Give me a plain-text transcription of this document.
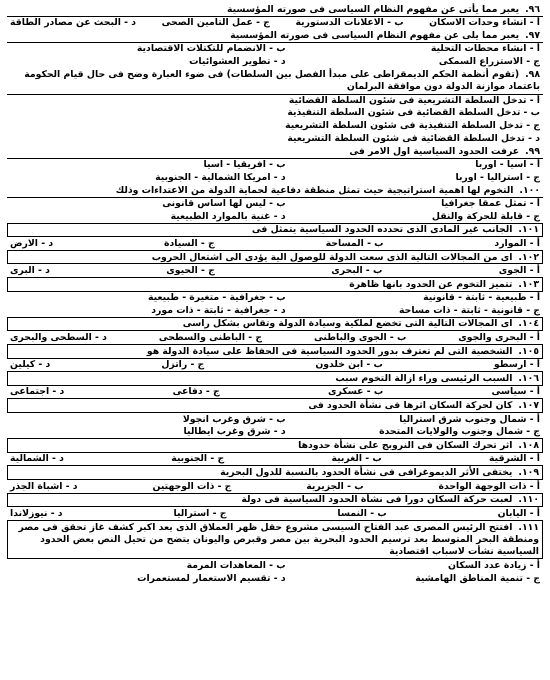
٩٦.يعبر مما يأتى عن مفهوم النظام السياسى فى صورته المؤسسية
أ - انشاء وحدات الاسكان
ب - الاعلانات الدستورية
ج - عمل التامين الصحى
د - البحث عن مصادر الطاقة
٩٧.يعبر مما يلى عن مفهوم النظام السياسى فى صورته المؤسسية
أ - انشاء محطات التحلية
ب - الانضمام للتكتلات الاقتصادية
ج - الاستزراع السمكى
د - تطوير العشوائيات
٩٨.(تقوم أنظمة الحكم الديمقراطى على مبدأ الفصل بين السلطات) فى ضوء العبارة وضح فى حال قيام الحكومة باعتماد موازنة الدولة دون موافقة البرلمان
أ - تدخل السلطة التشريعية فى شئون السلطة القضائية
ب - تدخل السلطة القضائية فى شئون السلطة التنفيذية
ج - تدخل السلطة التنفيذية فى شئون السلطة التشريعية
د - تدخل السلطة القضائية فى شئون السلطة التشريعية
٩٩.عرفت الحدود السياسية اول الامر فى
أ - اسيا - اوربا
ب - افريقيا - اسيا
ج - استراليا - اوربا
د - امريكا الشمالية - الجنوبية
١٠٠.التخوم لها اهمية استراتيجية حيث تمثل منطقة دفاعية لحماية الدولة من الاعتداءات وذلك
أ - تمثل عمقا جغرافيا
ب - ليس لها اساس قانونى
ج - قابلة للحركة والنقل
د - غنية بالموارد الطبيعية
١٠١.الجانب غير المادى الذى تحدده الحدود السياسية يتمثل فى
أ - الموارد
ب - المساحة
ج - السيادة
د - الارض
١٠٢.اى من المجالات التالية الذى سعت الدولة للوصول الية يؤدى الى اشتعال الحروب
أ - الجوى
ب - البحرى
ج - الحيوى
د - البرى
١٠٣.تتميز التخوم عن الحدود بانها ظاهرة
أ - طبيعية - ثابتة - قانونية
ب - جغرافية - متغيرة - طبيعية
ج - قانونية - ثابتة - ذات مساحة
د - جغرافية - ثابتة - ذات مورد
١٠٤.اى المجالات التالية التى تخضع لملكية وسيادة الدولة وتقاس بشكل راسى
أ - البحرى والجوى
ب - الجوى والباطنى
ج - الباطنى والسطحى
د - السطحى والبحرى
١٠٥.الشخصية التى لم تعترف بدور الحدود السياسية فى الحفاظ على سيادة الدولة هو
أ - ارسطو
ب - ابن خلدون
ج - راتزل
د - كيلين
١٠٦.السبب الرئيسى وراء ازالة التخوم سبب
أ - سياسى
ب - عسكرى
ج - دفاعى
د - اجتماعى
١٠٧.كان لحركة السكان اثرها فى نشأة الحدود فى
أ - شمال وجنوب شرق استراليا
ب - شرق وغرب انجولا
ج - شمال وجنوب والولايات المتحدة
د - شرق وغرب ايطاليا
١٠٨.اثر تحرك السكان فى النروبج على نشأة حدودها
أ - الشرقية
ب - الغربية
ج - الجنوبية
د - الشمالية
١٠٩.يختفى الأثر الديموغرافى فى نشأة الحدود بالنسبة للدول البحرية
أ - ذات الوجهة الواحدة
ب - الجزيرية
ج - ذات الوجهتين
د - اشباة الجذر
١١٠.لعبت حركة السكان دورا فى نشأة الحدود السياسية فى دولة
أ - اليابان
ب - النمسا
ج - استراليا
د - نيوزلاندا
١١١.افتتح الرئيس المصرى عبد الفتاح السيسى مشروع حقل ظهر العملاق الذى يعد اكبر كشف غاز تحقق فى مصر ومنطقة البحر المتوسط بعد ترسيم الحدود البحرية بين مصر وقبرص واليونان يتضح من تحيل النص بعض الحدود السياسية نشأت لاسباب اقتصادية
أ - زيادة عدد السكان
ب - المعاهدات المرمة
ج - تنمية المناطق الهامشية
د - تقسيم الاستعمار لمستعمرات
